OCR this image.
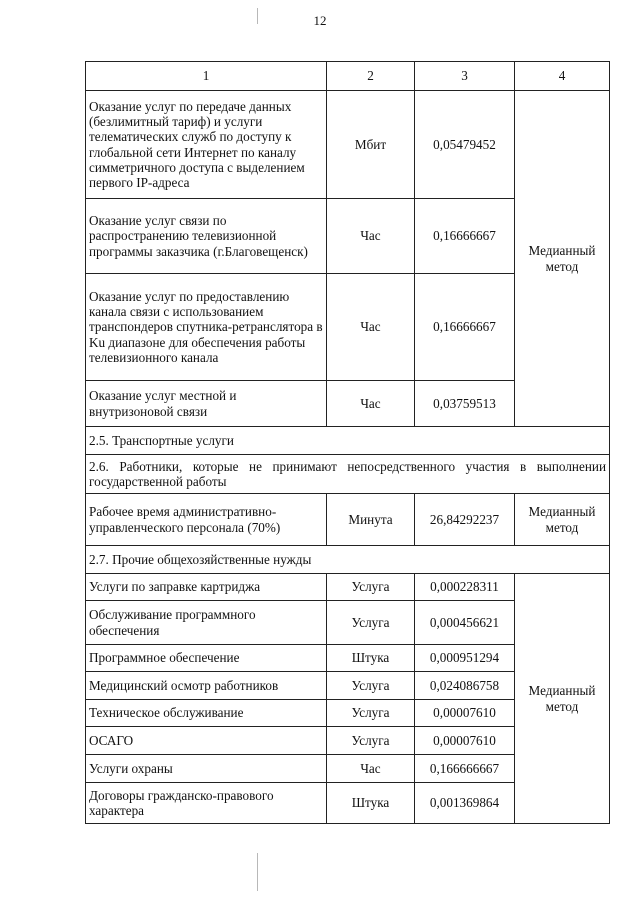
12
1	2	3	4
Оказание услуг по передаче данных (безлимитный тариф) и услуги телематических служб по доступу к глобальной сети Интернет по каналу симметричного доступа с выделением первого IP-адреса	Мбит	0,05479452	Медианный метод
Оказание услуг связи по распространению телевизионной программы заказчика (г.Благовещенск)	Час	0,16666667	
Оказание услуг по предоставлению канала связи с использованием транспондеров спутника-ретранслятора в Ku диапазоне для обеспечения работы телевизионного канала	Час	0,16666667	
Оказание услуг местной и внутризоновой связи	Час	0,03759513	
2.5. Транспортные услуги			
2.6. Работники, которые не принимают непосредственного участия в выполнении государственной работы			
Рабочее время административно-управленческого персонала (70%)	Минута	26,84292237	Медианный метод
2.7. Прочие общехозяйственные нужды			
Услуги по заправке картриджа	Услуга	0,000228311	Медианный метод
Обслуживание программного обеспечения	Услуга	0,000456621	
Программное обеспечение	Штука	0,000951294	
Медицинский осмотр работников	Услуга	0,024086758	
Техническое обслуживание	Услуга	0,00007610	
ОСАГО	Услуга	0,00007610	
Услуги охраны	Час	0,166666667	
Договоры гражданско-правового характера	Штука	0,001369864	
